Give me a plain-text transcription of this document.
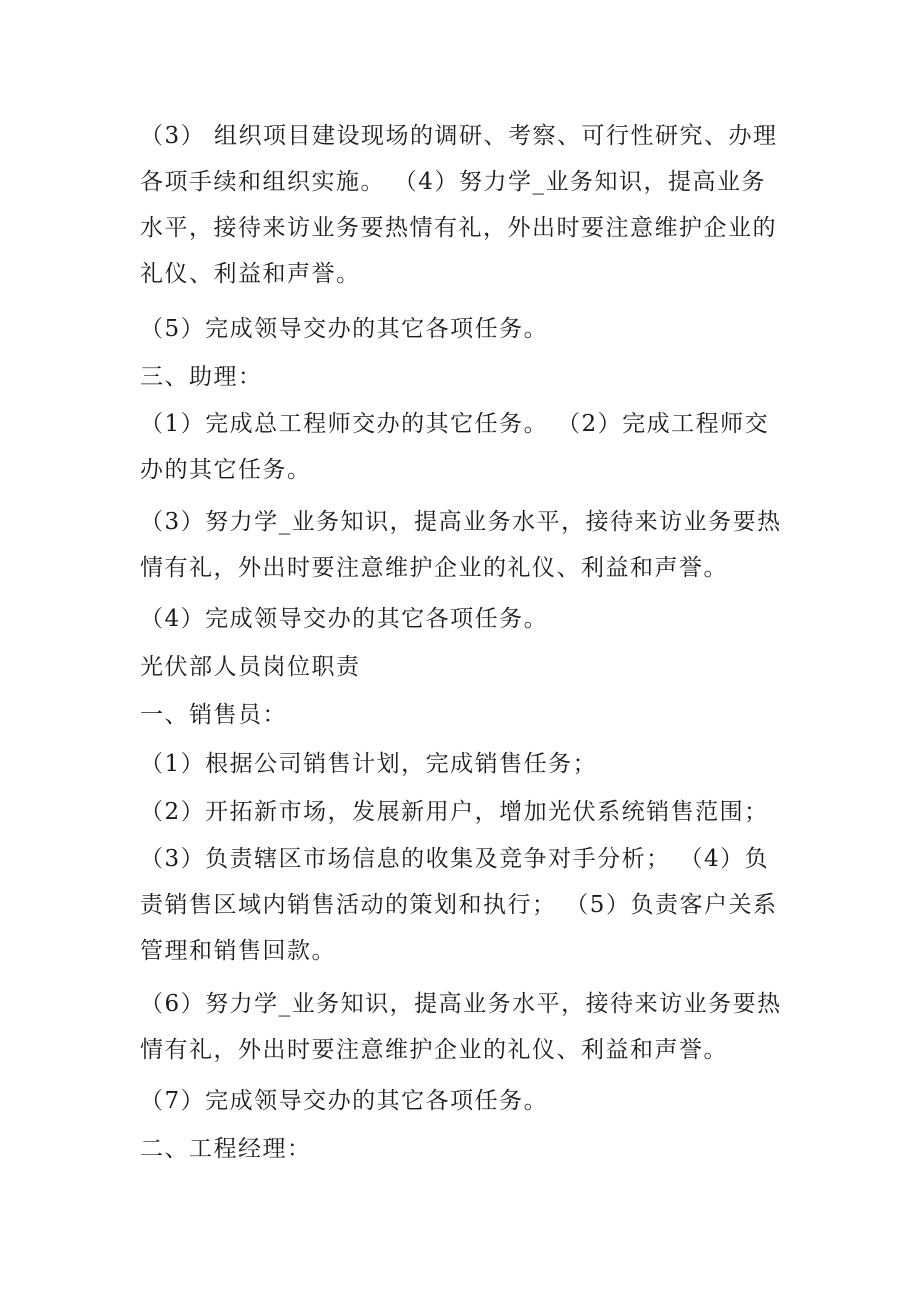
（3） 组织项目建设现场的调研、考察、可行性研究、办理
各项手续和组织实施。 （4）努力学_业务知识，提高业务
水平，接待来访业务要热情有礼，外出时要注意维护企业的
礼仪、利益和声誉。

（5）完成领导交办的其它各项任务。

三、助理：

（1）完成总工程师交办的其它任务。 （2）完成工程师交
办的其它任务。

（3）努力学_业务知识，提高业务水平，接待来访业务要热
情有礼，外出时要注意维护企业的礼仪、利益和声誉。

（4）完成领导交办的其它各项任务。

光伏部人员岗位职责

一、销售员：

（1）根据公司销售计划，完成销售任务；

（2）开拓新市场，发展新用户，增加光伏系统销售范围；

（3）负责辖区市场信息的收集及竞争对手分析； （4）负
责销售区域内销售活动的策划和执行； （5）负责客户关系
管理和销售回款。

（6）努力学_业务知识，提高业务水平，接待来访业务要热
情有礼，外出时要注意维护企业的礼仪、利益和声誉。

（7）完成领导交办的其它各项任务。

二、工程经理：
